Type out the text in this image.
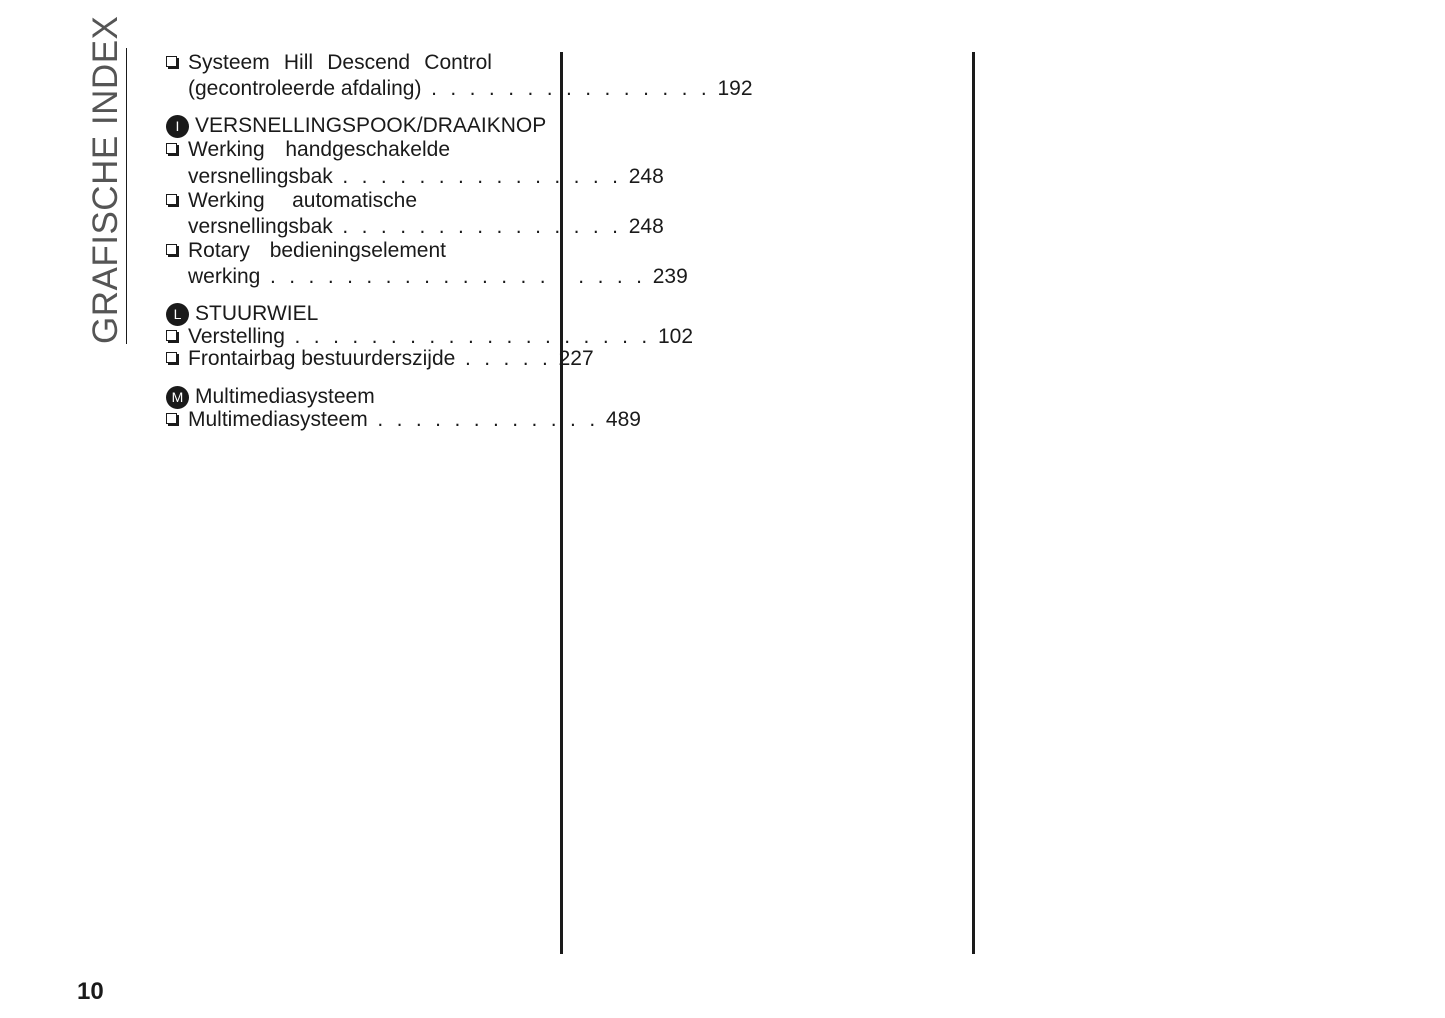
GRAFISCHE INDEX	Systeem Hill Descend Control
(gecontroleerde afdaling) . . . . . . . . . . . . . . . 192
I VERSNELLINGSPOOK/DRAAIKNOP
Werking handgeschakelde
versnellingsbak . . . . . . . . . . . . . . . 248
Werking automatische
versnellingsbak . . . . . . . . . . . . . . . 248
Rotary bedieningselement
werking . . . . . . . . . . . . . . . . . . . . 239
L STUURWIEL
Verstelling . . . . . . . . . . . . . . . . . . . 102
Frontairbag bestuurderszijde . . . . . 227
M Multimediasysteem
Multimediasysteem . . . . . . . . . . . . 489
10
